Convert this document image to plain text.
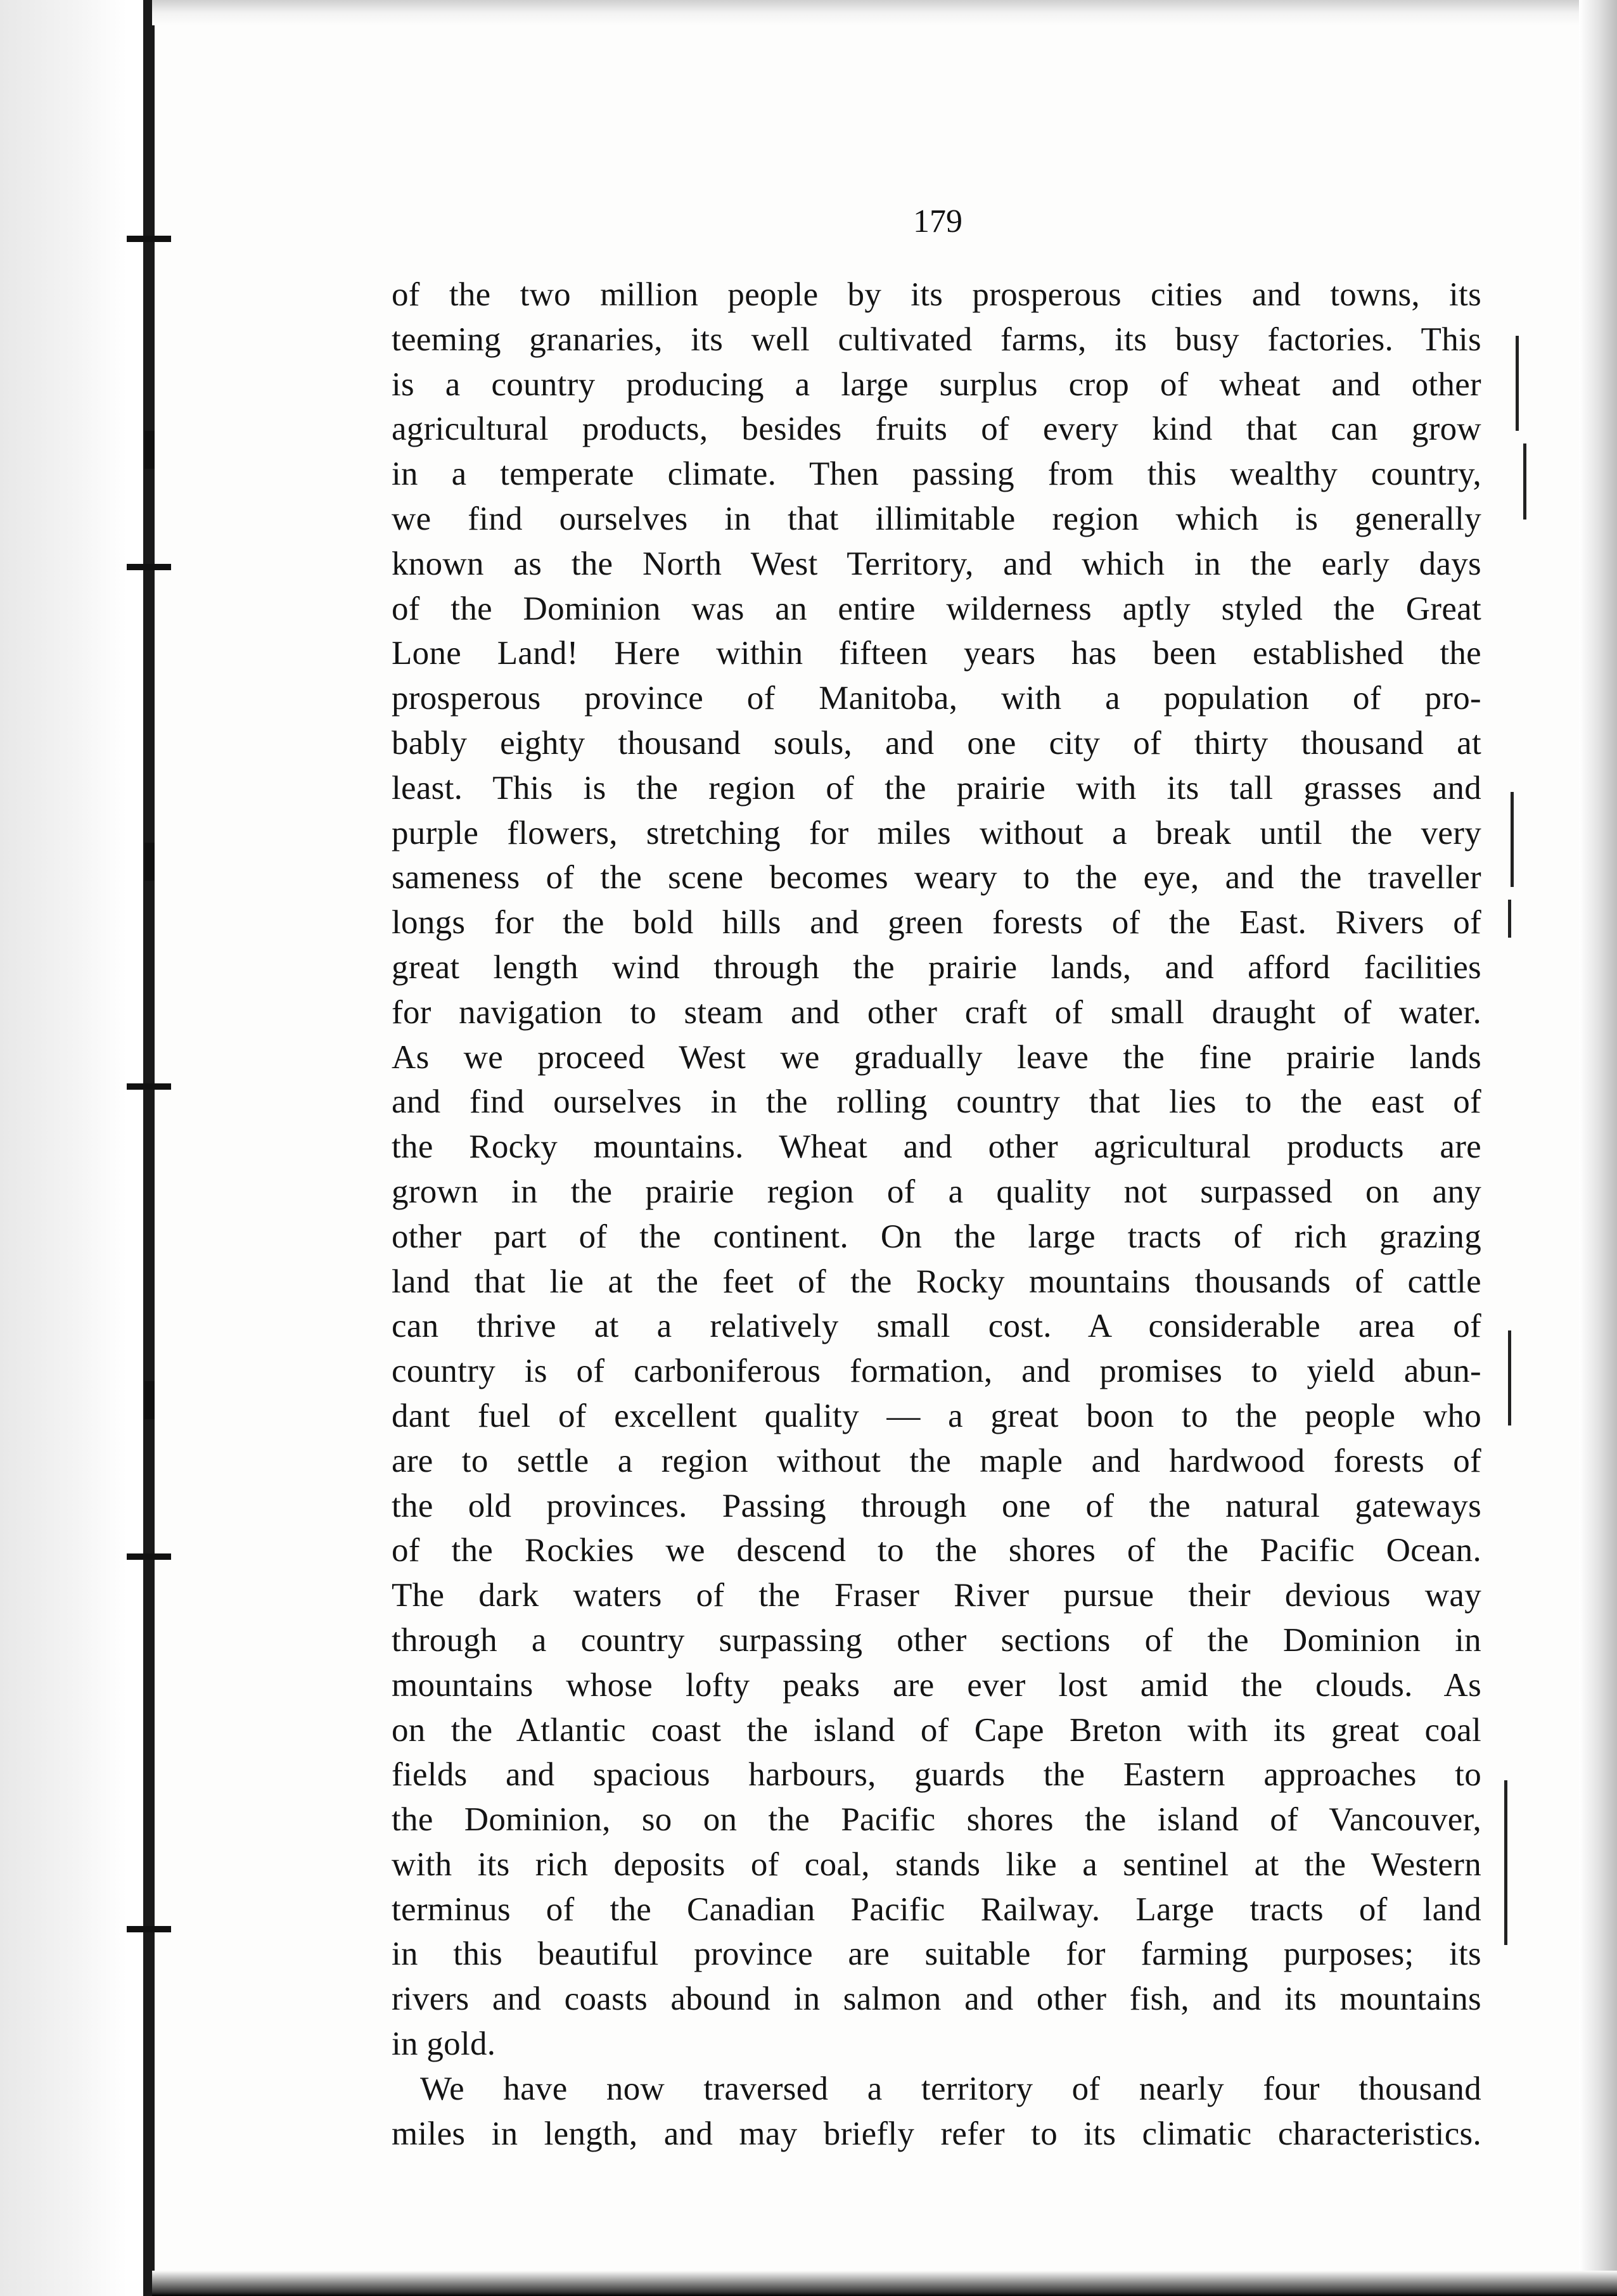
179
of the two million people by its prosperous cities and towns, its
teeming granaries, its well cultivated farms, its busy factories. This
is a country producing a large surplus crop of wheat and other
agricultural products, besides fruits of every kind that can grow
in a temperate climate. Then passing from this wealthy country,
we find ourselves in that illimitable region which is generally
known as the North West Territory, and which in the early days
of the Dominion was an entire wilderness aptly styled the Great
Lone Land! Here within fifteen years has been established the
prosperous province of Manitoba, with a population of pro-
bably eighty thousand souls, and one city of thirty thousand at
least. This is the region of the prairie with its tall grasses and
purple flowers, stretching for miles without a break until the very
sameness of the scene becomes weary to the eye, and the traveller
longs for the bold hills and green forests of the East. Rivers of
great length wind through the prairie lands, and afford facilities
for navigation to steam and other craft of small draught of water.
As we proceed West we gradually leave the fine prairie lands
and find ourselves in the rolling country that lies to the east of
the Rocky mountains. Wheat and other agricultural products are
grown in the prairie region of a quality not surpassed on any
other part of the continent. On the large tracts of rich grazing
land that lie at the feet of the Rocky mountains thousands of cattle
can thrive at a relatively small cost. A considerable area of
country is of carboniferous formation, and promises to yield abun-
dant fuel of excellent quality — a great boon to the people who
are to settle a region without the maple and hardwood forests of
the old provinces. Passing through one of the natural gateways
of the Rockies we descend to the shores of the Pacific Ocean.
The dark waters of the Fraser River pursue their devious way
through a country surpassing other sections of the Dominion in
mountains whose lofty peaks are ever lost amid the clouds. As
on the Atlantic coast the island of Cape Breton with its great coal
fields and spacious harbours, guards the Eastern approaches to
the Dominion, so on the Pacific shores the island of Vancouver,
with its rich deposits of coal, stands like a sentinel at the Western
terminus of the Canadian Pacific Railway. Large tracts of land
in this beautiful province are suitable for farming purposes; its
rivers and coasts abound in salmon and other fish, and its mountains
in gold.
We have now traversed a territory of nearly four thousand
miles in length, and may briefly refer to its climatic characteristics.
